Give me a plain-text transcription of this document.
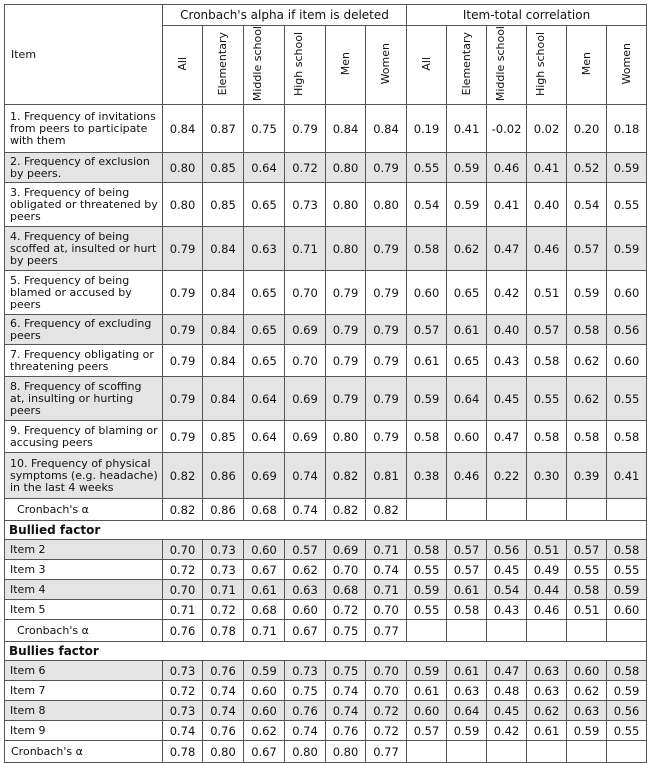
Item	Cronbach's alpha if item is deleted						Item-total correlation					
	All	Elementary	Middle school	High school	Men	Women	All	Elementary	Middle school	High school	Men	Women
1. Frequency of invitations from peers to participate with them	0.84	0.87	0.75	0.79	0.84	0.84	0.19	0.41	-0.02	0.02	0.20	0.18
2. Frequency of exclusion by peers.	0.80	0.85	0.64	0.72	0.80	0.79	0.55	0.59	0.46	0.41	0.52	0.59
3. Frequency of being obligated or threatened by peers	0.80	0.85	0.65	0.73	0.80	0.80	0.54	0.59	0.41	0.40	0.54	0.55
4. Frequency of being scoffed at, insulted or hurt by peers	0.79	0.84	0.63	0.71	0.80	0.79	0.58	0.62	0.47	0.46	0.57	0.59
5. Frequency of being blamed or accused by peers	0.79	0.84	0.65	0.70	0.79	0.79	0.60	0.65	0.42	0.51	0.59	0.60
6. Frequency of excluding peers	0.79	0.84	0.65	0.69	0.79	0.79	0.57	0.61	0.40	0.57	0.58	0.56
7. Frequency obligating or threatening peers	0.79	0.84	0.65	0.70	0.79	0.79	0.61	0.65	0.43	0.58	0.62	0.60
8. Frequency of scoffing at, insulting or hurting peers	0.79	0.84	0.64	0.69	0.79	0.79	0.59	0.64	0.45	0.55	0.62	0.55
9. Frequency of blaming or accusing peers	0.79	0.85	0.64	0.69	0.80	0.79	0.58	0.60	0.47	0.58	0.58	0.58
10. Frequency of physical symptoms (e.g. headache) in the last 4 weeks	0.82	0.86	0.69	0.74	0.82	0.81	0.38	0.46	0.22	0.30	0.39	0.41
Cronbach's α	0.82	0.86	0.68	0.74	0.82	0.82						
Bullied factor												
Item 2	0.70	0.73	0.60	0.57	0.69	0.71	0.58	0.57	0.56	0.51	0.57	0.58
Item 3	0.72	0.73	0.67	0.62	0.70	0.74	0.55	0.57	0.45	0.49	0.55	0.55
Item 4	0.70	0.71	0.61	0.63	0.68	0.71	0.59	0.61	0.54	0.44	0.58	0.59
Item 5	0.71	0.72	0.68	0.60	0.72	0.70	0.55	0.58	0.43	0.46	0.51	0.60
Cronbach's α	0.76	0.78	0.71	0.67	0.75	0.77						
Bullies factor												
Item 6	0.73	0.76	0.59	0.73	0.75	0.70	0.59	0.61	0.47	0.63	0.60	0.58
Item 7	0.72	0.74	0.60	0.75	0.74	0.70	0.61	0.63	0.48	0.63	0.62	0.59
Item 8	0.73	0.74	0.60	0.76	0.74	0.72	0.60	0.64	0.45	0.62	0.63	0.56
Item 9	0.74	0.76	0.62	0.74	0.76	0.72	0.57	0.59	0.42	0.61	0.59	0.55
Cronbach's α	0.78	0.80	0.67	0.80	0.80	0.77						
